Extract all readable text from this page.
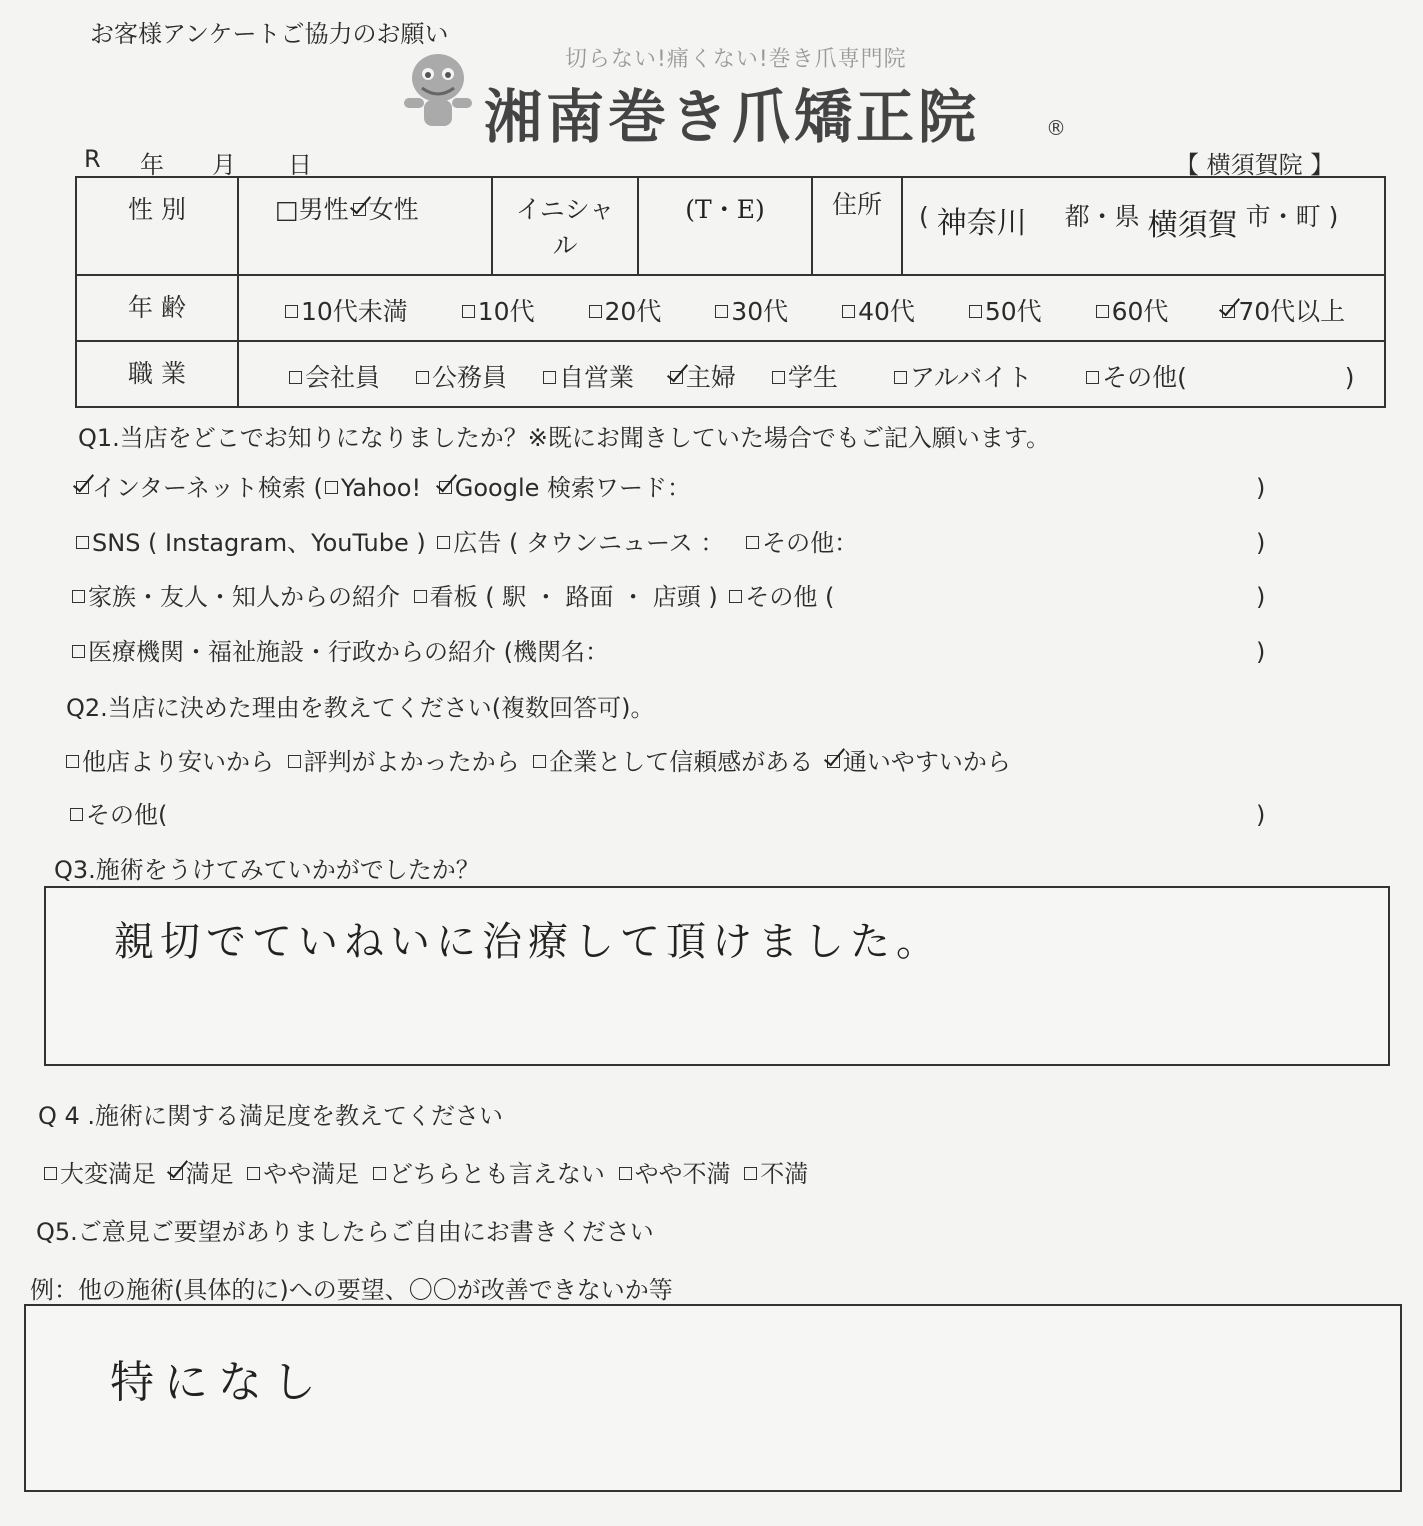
お客様アンケートご協力のお願い
切らない!痛くない!巻き爪専門院
湘南巻き爪矯正院	®
R 年 月 日	【 横須賀院 】
性 別	□男性 女性	イニシャル	(T・E)	住所	( 神奈川 都・県 横須賀 市・町 )
年 齢	10代未満 10代 20代 30代 40代 50代 60代 70代以上				
職 業	会社員 公務員 自営業 主婦 学生 アルバイト その他( )				
Q1.当店をどこでお知りになりましたか？※既にお聞きしていた場合でもご記入願います。
インターネット検索 ( Yahoo! Google 検索ワード：	)
SNS ( Instagram、YouTube ) 広告 ( タウンニュース ： その他：	)
家族・友人・知人からの紹介 看板 ( 駅 ・ 路面 ・ 店頭 ) その他 (	)
医療機関・福祉施設・行政からの紹介 (機関名：	)
Q2.当店に決めた理由を教えてください(複数回答可)。
他店より安いから 評判がよかったから 企業として信頼感がある 通いやすいから
その他(	)
Q3.施術をうけてみていかがでしたか？
親切でていねいに治療して頂けました。
Q 4 .施術に関する満足度を教えてください
大変満足 満足 やや満足 どちらとも言えない やや不満 不満
Q5.ご意見ご要望がありましたらご自由にお書きください
例：他の施術(具体的に)への要望、〇〇が改善できないか等
特になし
